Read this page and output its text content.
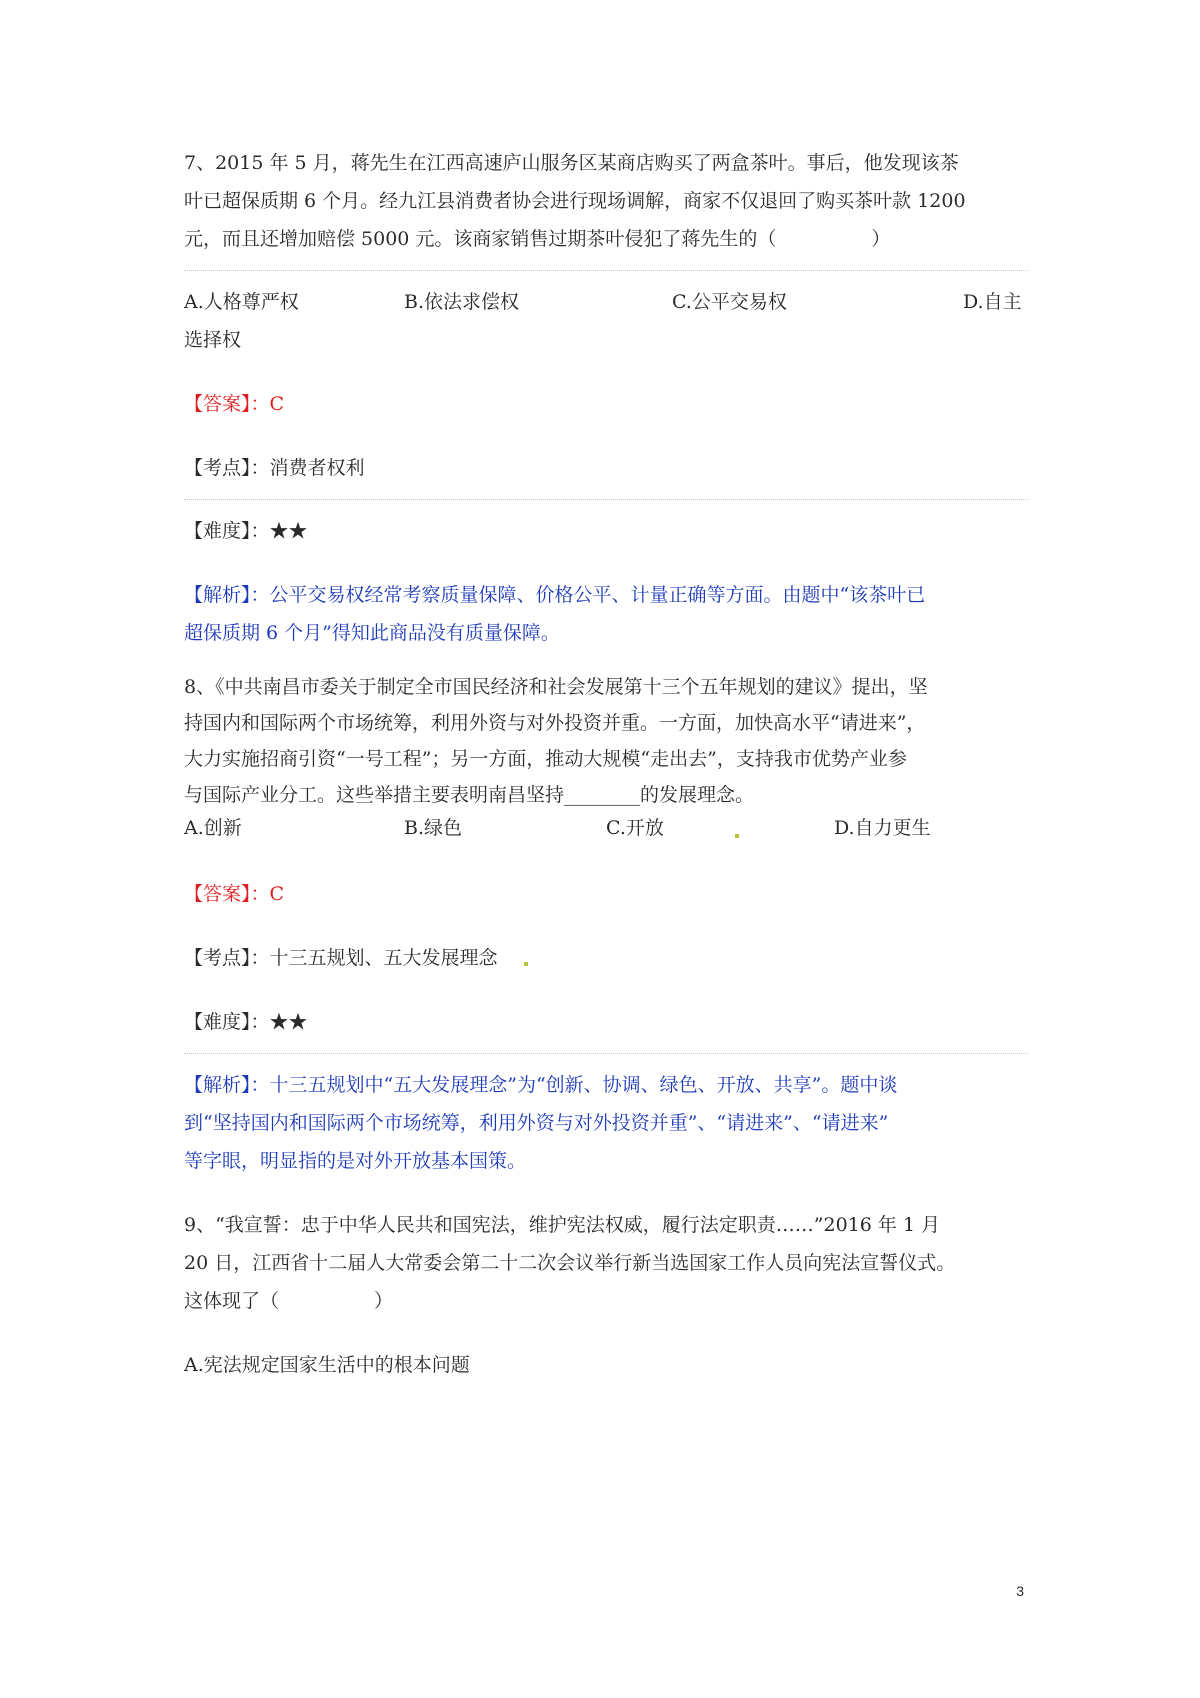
7、2015 年 5 月，蒋先生在江西高速庐山服务区某商店购买了两盒茶叶。事后，他发现该茶
叶已超保质期 6 个月。经九江县消费者协会进行现场调解，商家不仅退回了购买茶叶款 1200
元，而且还增加赔偿 5000 元。该商家销售过期茶叶侵犯了蒋先生的（　　　　　）
A.人格尊严权	B.依法求偿权	C.公平交易权	D.自主
选择权
【答案】：C
【考点】：消费者权利
【难度】：★★
【解析】：公平交易权经常考察质量保障、价格公平、计量正确等方面。由题中“该茶叶已
超保质期 6 个月”得知此商品没有质量保障。
8、《中共南昌市委关于制定全市国民经济和社会发展第十三个五年规划的建议》提出，坚
持国内和国际两个市场统筹，利用外资与对外投资并重。一方面，加快高水平“请进来”，
大力实施招商引资“一号工程”；另一方面，推动大规模“走出去”，支持我市优势产业参
与国际产业分工。这些举措主要表明南昌坚持________的发展理念。
A.创新	B.绿色	C.开放	D.自力更生
【答案】：C
【考点】：十三五规划、五大发展理念
【难度】：★★
【解析】：十三五规划中“五大发展理念”为“创新、协调、绿色、开放、共享”。题中谈
到“坚持国内和国际两个市场统筹，利用外资与对外投资并重”、“请进来”、“请进来”
等字眼，明显指的是对外开放基本国策。
9、“我宣誓：忠于中华人民共和国宪法，维护宪法权威，履行法定职责……”2016 年 1 月
20 日，江西省十二届人大常委会第二十二次会议举行新当选国家工作人员向宪法宣誓仪式。
这体现了（　　　　　）
A.宪法规定国家生活中的根本问题
3
